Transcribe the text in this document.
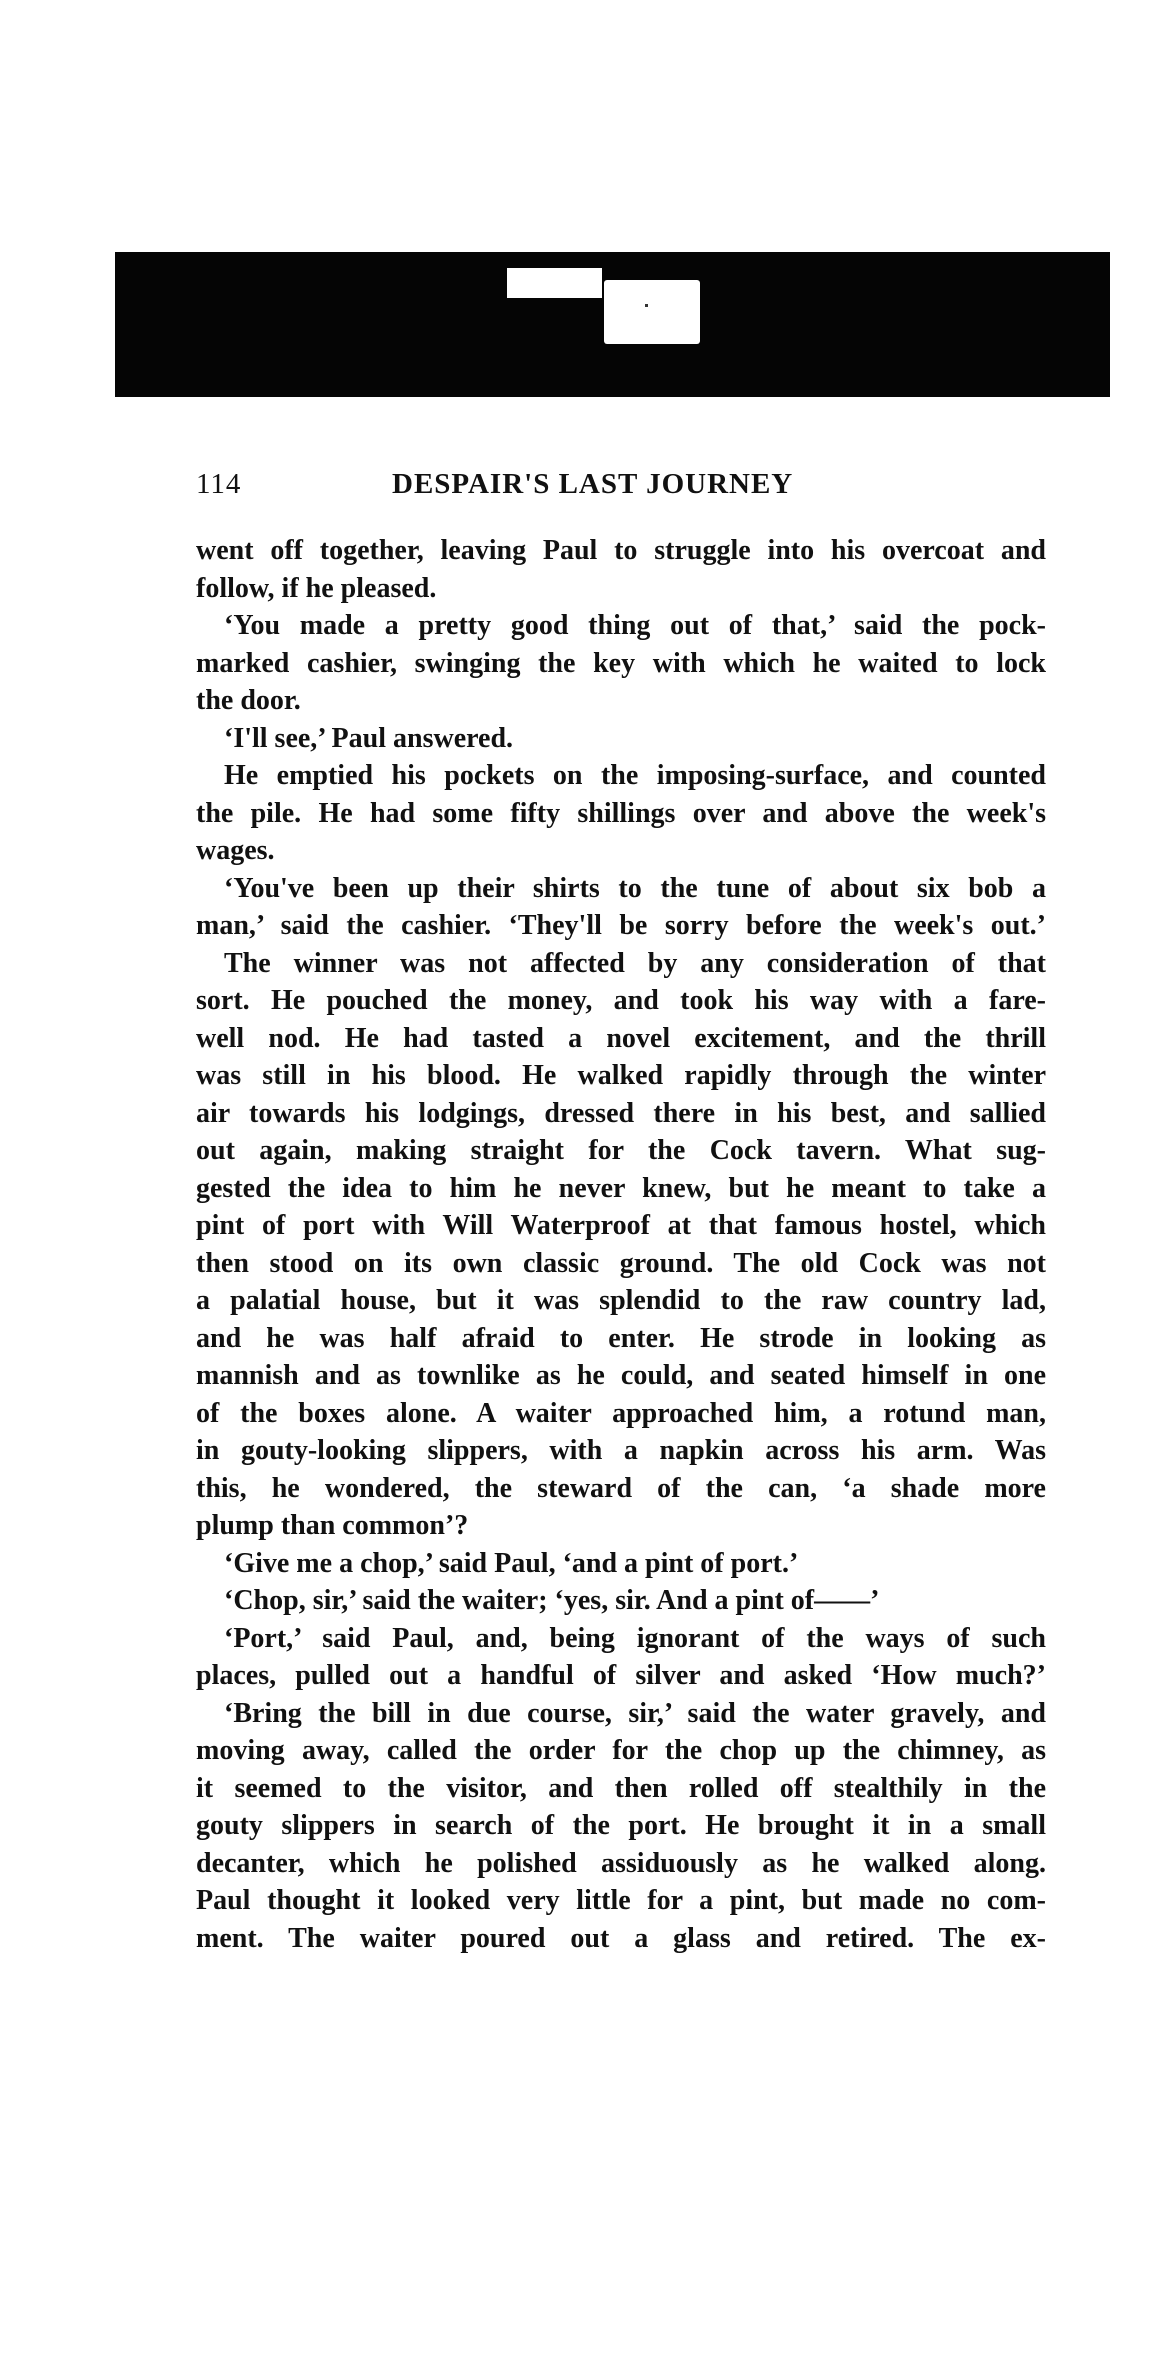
114	DESPAIR'S LAST JOURNEY
went off together, leaving Paul to struggle into his overcoat and
follow, if he pleased.
‘You made a pretty good thing out of that,’ said the pock-
marked cashier, swinging the key with which he waited to lock
the door.
‘I'll see,’ Paul answered.
He emptied his pockets on the imposing-surface, and counted
the pile. He had some fifty shillings over and above the week's
wages.
‘You've been up their shirts to the tune of about six bob a
man,’ said the cashier. ‘They'll be sorry before the week's out.’
The winner was not affected by any consideration of that
sort. He pouched the money, and took his way with a fare-
well nod. He had tasted a novel excitement, and the thrill
was still in his blood. He walked rapidly through the winter
air towards his lodgings, dressed there in his best, and sallied
out again, making straight for the Cock tavern. What sug-
gested the idea to him he never knew, but he meant to take a
pint of port with Will Waterproof at that famous hostel, which
then stood on its own classic ground. The old Cock was not
a palatial house, but it was splendid to the raw country lad,
and he was half afraid to enter. He strode in looking as
mannish and as townlike as he could, and seated himself in one
of the boxes alone. A waiter approached him, a rotund man,
in gouty-looking slippers, with a napkin across his arm. Was
this, he wondered, the steward of the can, ‘a shade more
plump than common’?
‘Give me a chop,’ said Paul, ‘and a pint of port.’
‘Chop, sir,’ said the waiter; ‘yes, sir. And a pint of——’
‘Port,’ said Paul, and, being ignorant of the ways of such
places, pulled out a handful of silver and asked ‘How much?’
‘Bring the bill in due course, sir,’ said the water gravely, and
moving away, called the order for the chop up the chimney, as
it seemed to the visitor, and then rolled off stealthily in the
gouty slippers in search of the port. He brought it in a small
decanter, which he polished assiduously as he walked along.
Paul thought it looked very little for a pint, but made no com-
ment. The waiter poured out a glass and retired. The ex-
